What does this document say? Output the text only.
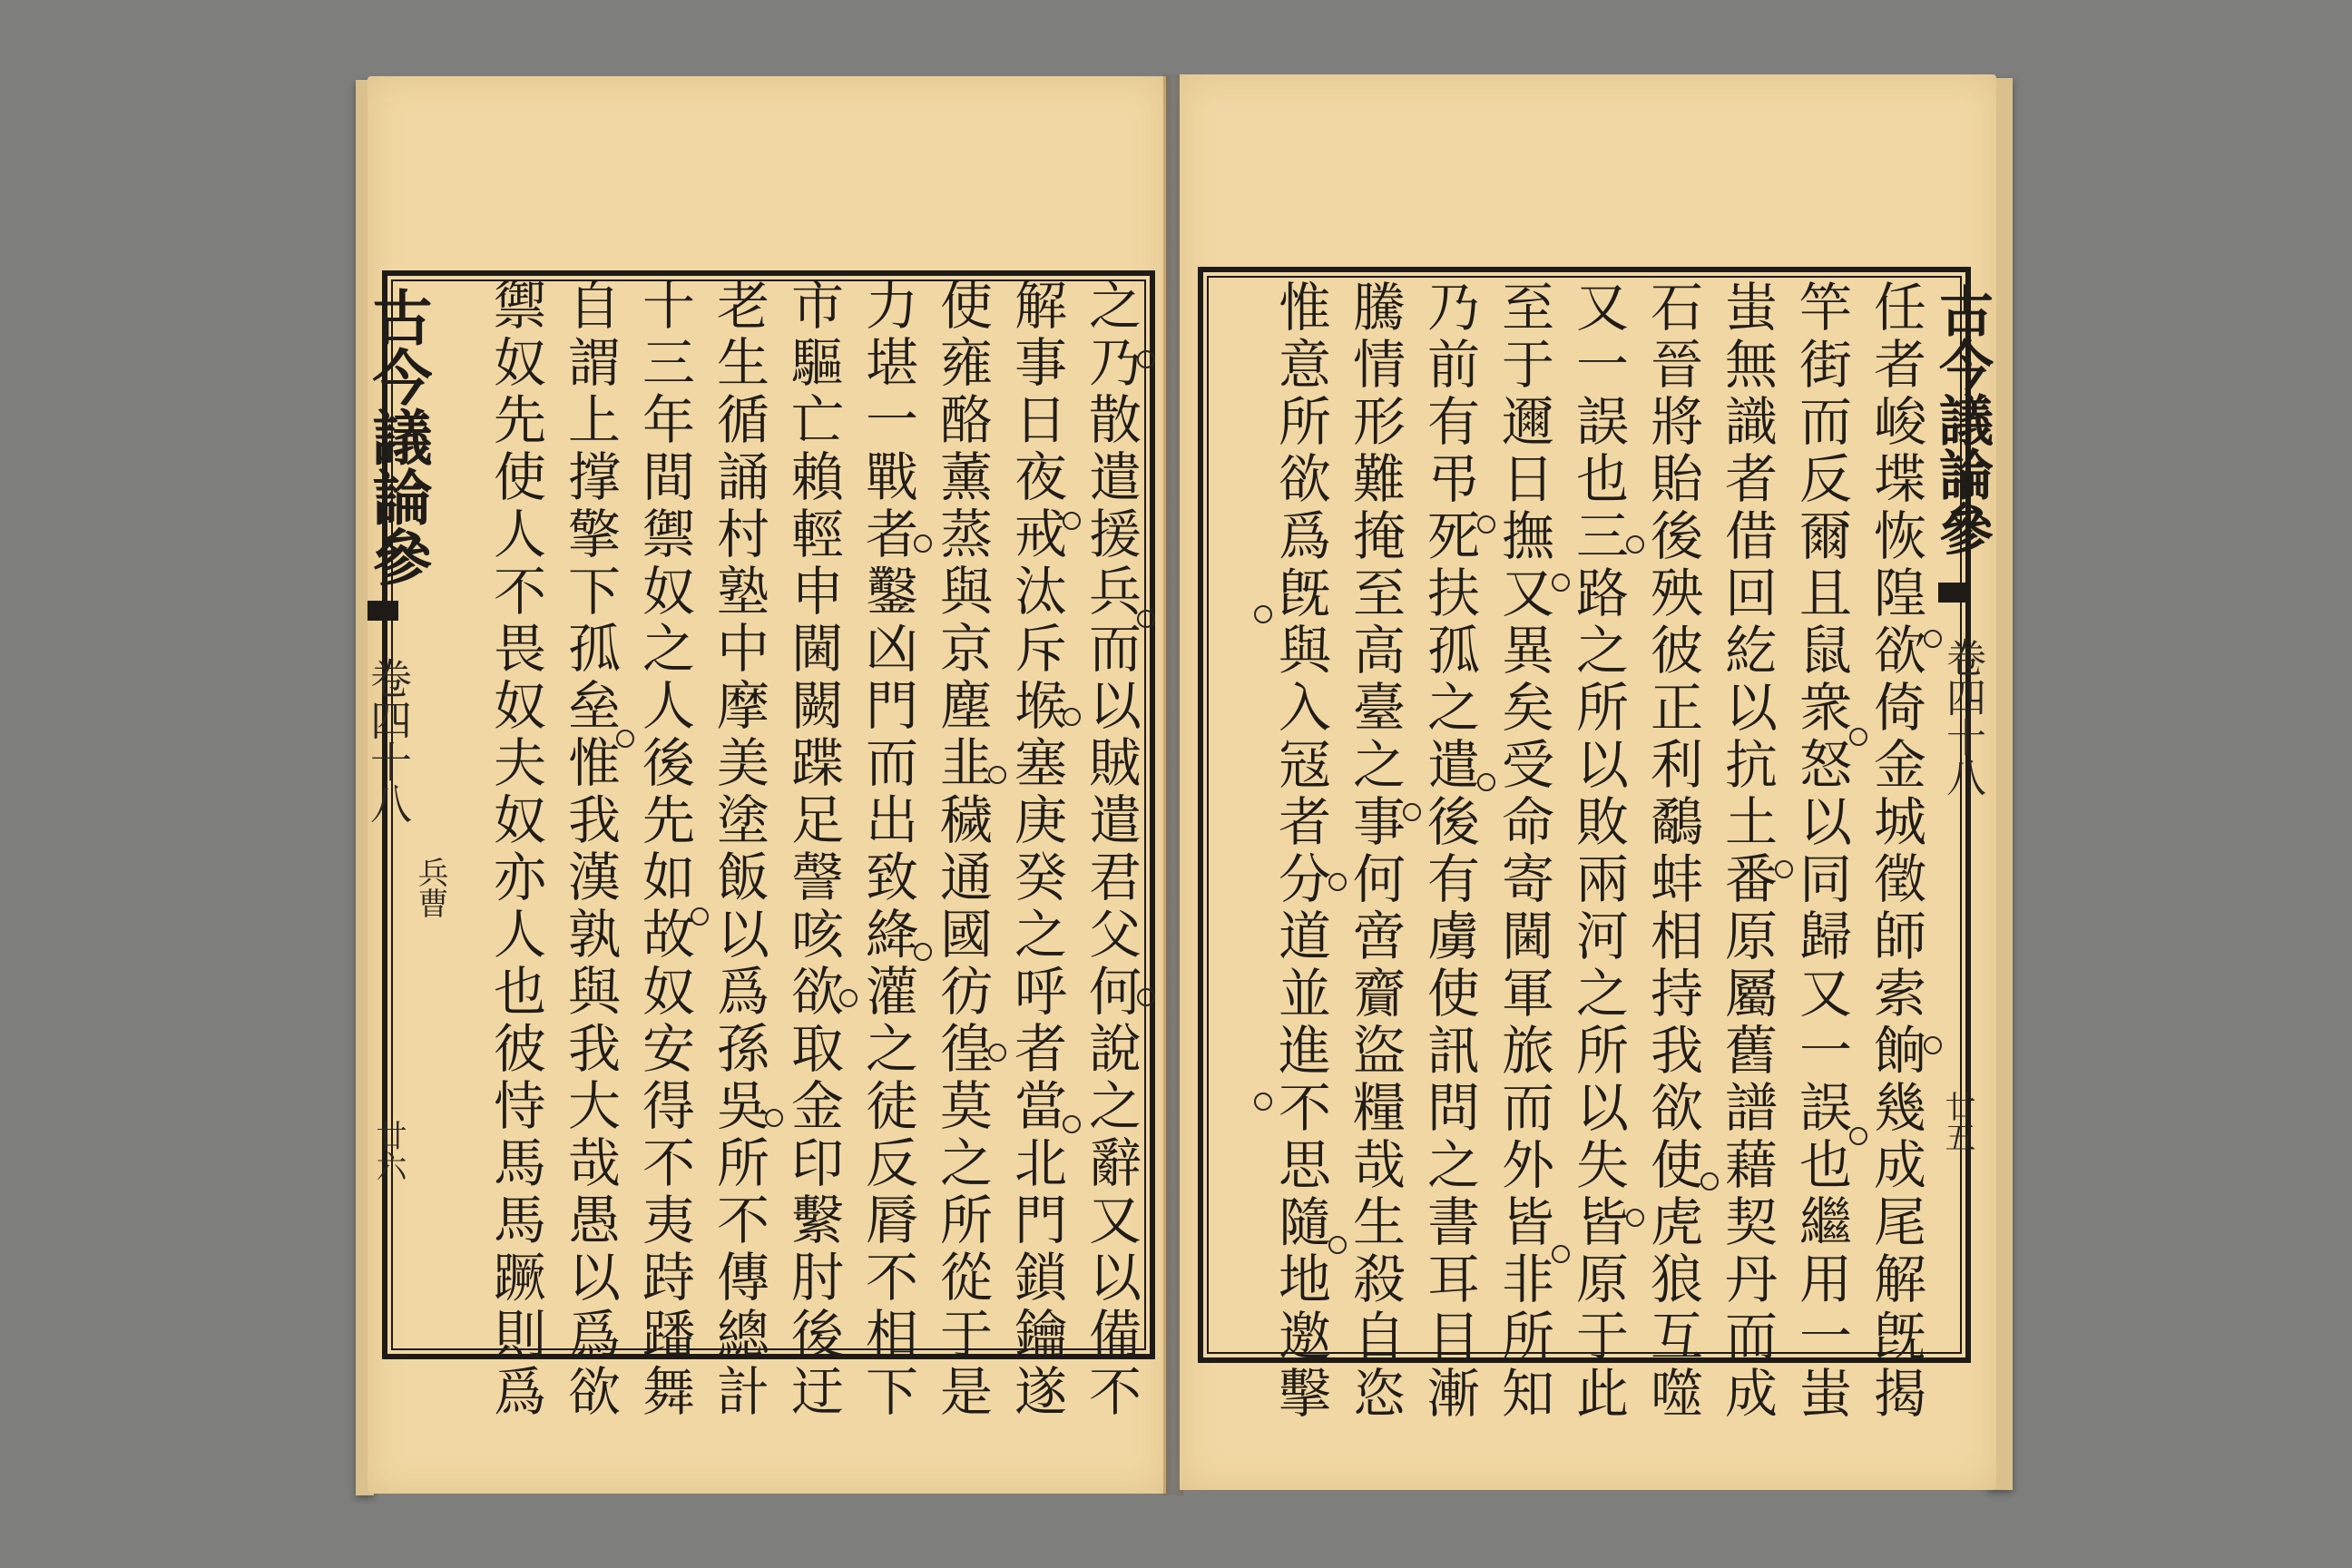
古今議論參
卷四十八
兵曹
廿六	之乃散遣援兵而以賊遣君父何說之辭又以備不
解事日夜戒汰斥堠塞庚癸之呼者當北門鎖鑰遂
使雍酪薰蒸與京塵韭穢通國彷徨莫之所從于是
力堪一戰者鑿凶門而出致絳灌之徒反脣不相下
市驅亡賴輕申閫闕蹀足謦咳欲取金印繫肘後迂
老生循誦村塾中摩美塗飯以爲孫吳所不傳總計
十三年間禦奴之人後先如故奴安得不夷跱蹯舞
自謂上撑擎下孤垒惟我漢孰與我大哉愚以爲欲
禦奴先使人不畏奴夫奴亦人也彼恃馬馬蹶則爲	古今議論參
卷四十八
廿五
任者峻堞恢隍欲倚金城徵師索餉幾成尾解旣揭
竿街而反爾且鼠衆怒以同歸又一誤也繼用一蚩
蚩無識者借回紇以抗土番原屬舊譜藉契丹而成
石晉將貽後殃彼正利鷸蚌相持我欲使虎狼互噬
又一誤也三路之所以敗兩河之所以失皆原于此
至于邇日撫又異矣受命寄閫軍旅而外皆非所知
乃前有弔死扶孤之遣後有虜使訊問之書耳目漸
騰情形難掩至高臺之事何啻齎盜糧哉生殺自恣
惟意所欲爲旣與入冦者分道並進不思隨地邀擊
